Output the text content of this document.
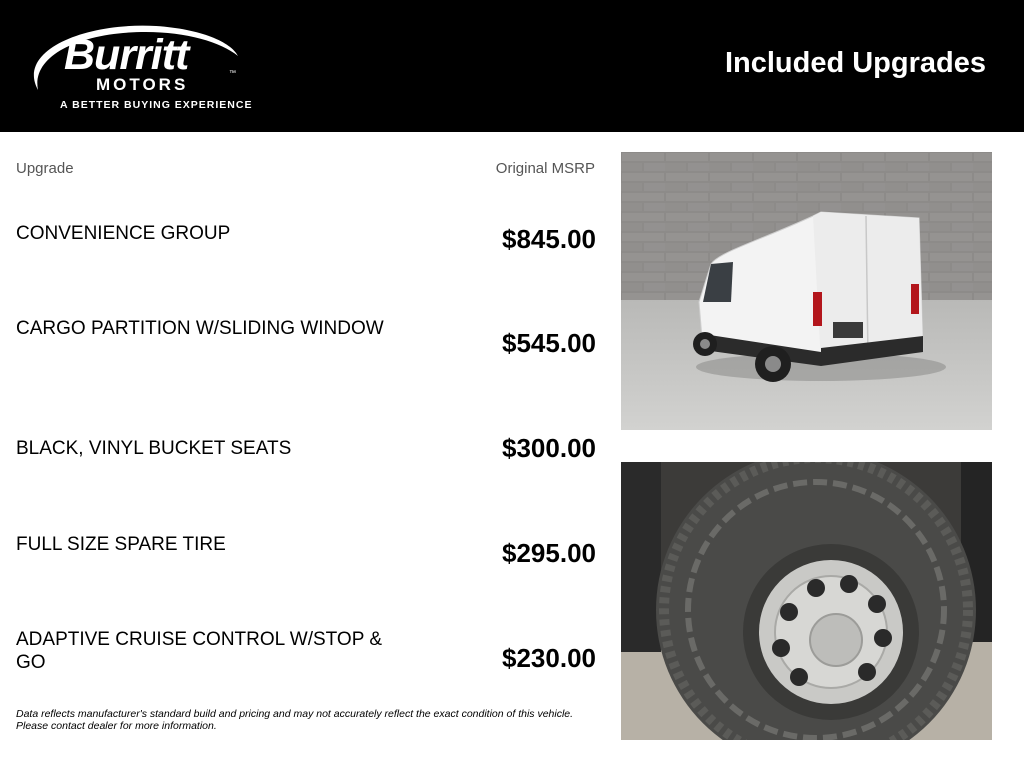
Burritt	™
MOTORS
A BETTER BUYING EXPERIENCE
Included Upgrades
Upgrade	Original MSRP
CONVENIENCE GROUP	$845.00
CARGO PARTITION W/SLIDING WINDOW	$545.00
BLACK, VINYL BUCKET SEATS	$300.00
FULL SIZE SPARE TIRE	$295.00
ADAPTIVE CRUISE CONTROL W/STOP & GO	$230.00
Data reflects manufacturer's standard build and pricing and may not accurately reflect the exact condition of this vehicle. Please contact dealer for more information.
